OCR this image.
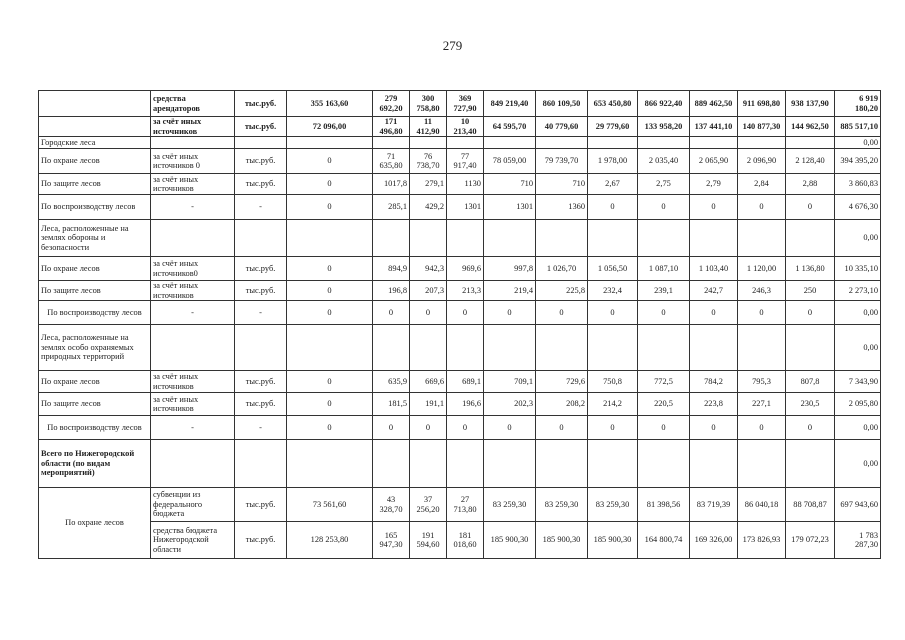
279
	средства арендаторов	тыс.руб.	355 163,60	279 692,20	300 758,80	369 727,90	849 219,40	860 109,50	653 450,80	866 922,40	889 462,50	911 698,80	938 137,90	6 919 180,20
	за счёт иных источников	тыс.руб.	72 096,00	171 496,80	11 412,90	10 213,40	64 595,70	40 779,60	29 779,60	133 958,20	137 441,10	140 877,30	144 962,50	885 517,10
Городские леса														0,00
По охране лесов	за счёт иных источников 0	тыс.руб.	0	71 635,80	76 738,70	77 917,40	78 059,00	79 739,70	1 978,00	2 035,40	2 065,90	2 096,90	2 128,40	394 395,20
По защите лесов	за счёт иных источников	тыс.руб.	0	1017,8	279,1	1130	710	710	2,67	2,75	2,79	2,84	2,88	3 860,83
По воспроизводству лесов	-	-	0	285,1	429,2	1301	1301	1360	0	0	0	0	0	4 676,30
Леса, расположенные на землях обороны и безопасности														0,00
По охране лесов	за счёт иных источников0	тыс.руб.	0	894,9	942,3	969,6	997,8	1 026,70	1 056,50	1 087,10	1 103,40	1 120,00	1 136,80	10 335,10
По защите лесов	за счёт иных источников	тыс.руб.	0	196,8	207,3	213,3	219,4	225,8	232,4	239,1	242,7	246,3	250	2 273,10
По воспроизводству лесов	-	-	0	0	0	0	0	0	0	0	0	0	0	0,00
Леса, расположенные на землях особо охраняемых природных территорий														0,00
По охране лесов	за счёт иных источников	тыс.руб.	0	635,9	669,6	689,1	709,1	729,6	750,8	772,5	784,2	795,3	807,8	7 343,90
По защите лесов	за счёт иных источников	тыс.руб.	0	181,5	191,1	196,6	202,3	208,2	214,2	220,5	223,8	227,1	230,5	2 095,80
По воспроизводству лесов	-	-	0	0	0	0	0	0	0	0	0	0	0	0,00
Всего по Нижегородской области (по видам мероприятий)														0,00
По охране лесов	субвенции из федерального бюджета	тыс.руб.	73 561,60	43 328,70	37 256,20	27 713,80	83 259,30	83 259,30	83 259,30	81 398,56	83 719,39	86 040,18	88 708,87	697 943,60
	средства бюджета Нижегородской области	тыс.руб.	128 253,80	165 947,30	191 594,60	181 018,60	185 900,30	185 900,30	185 900,30	164 800,74	169 326,00	173 826,93	179 072,23	1 783 287,30
